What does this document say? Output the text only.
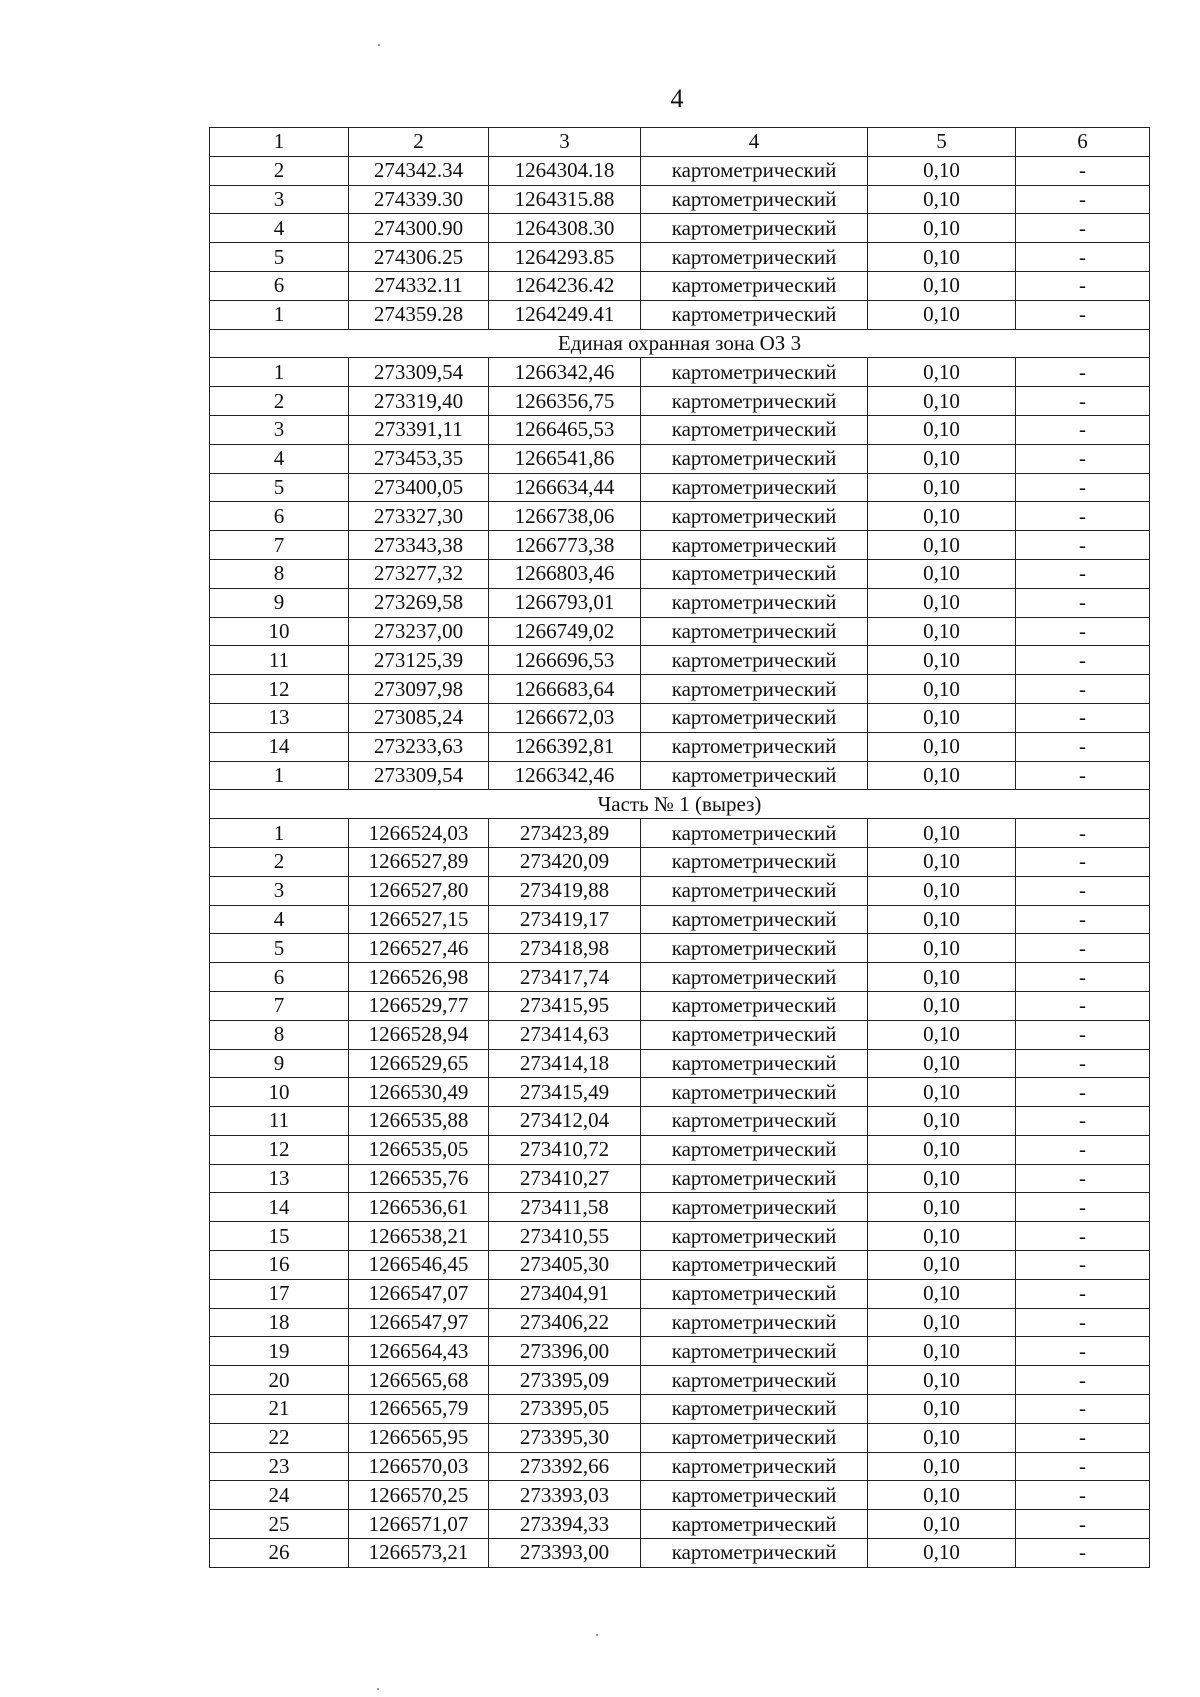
4
1	2	3	4	5	6
2	274342.34	1264304.18	картометрический	0,10	-
3	274339.30	1264315.88	картометрический	0,10	-
4	274300.90	1264308.30	картометрический	0,10	-
5	274306.25	1264293.85	картометрический	0,10	-
6	274332.11	1264236.42	картометрический	0,10	-
1	274359.28	1264249.41	картометрический	0,10	-
Единая охранная зона ОЗ 3					
1	273309,54	1266342,46	картометрический	0,10	-
2	273319,40	1266356,75	картометрический	0,10	-
3	273391,11	1266465,53	картометрический	0,10	-
4	273453,35	1266541,86	картометрический	0,10	-
5	273400,05	1266634,44	картометрический	0,10	-
6	273327,30	1266738,06	картометрический	0,10	-
7	273343,38	1266773,38	картометрический	0,10	-
8	273277,32	1266803,46	картометрический	0,10	-
9	273269,58	1266793,01	картометрический	0,10	-
10	273237,00	1266749,02	картометрический	0,10	-
11	273125,39	1266696,53	картометрический	0,10	-
12	273097,98	1266683,64	картометрический	0,10	-
13	273085,24	1266672,03	картометрический	0,10	-
14	273233,63	1266392,81	картометрический	0,10	-
1	273309,54	1266342,46	картометрический	0,10	-
Часть № 1 (вырез)					
1	1266524,03	273423,89	картометрический	0,10	-
2	1266527,89	273420,09	картометрический	0,10	-
3	1266527,80	273419,88	картометрический	0,10	-
4	1266527,15	273419,17	картометрический	0,10	-
5	1266527,46	273418,98	картометрический	0,10	-
6	1266526,98	273417,74	картометрический	0,10	-
7	1266529,77	273415,95	картометрический	0,10	-
8	1266528,94	273414,63	картометрический	0,10	-
9	1266529,65	273414,18	картометрический	0,10	-
10	1266530,49	273415,49	картометрический	0,10	-
11	1266535,88	273412,04	картометрический	0,10	-
12	1266535,05	273410,72	картометрический	0,10	-
13	1266535,76	273410,27	картометрический	0,10	-
14	1266536,61	273411,58	картометрический	0,10	-
15	1266538,21	273410,55	картометрический	0,10	-
16	1266546,45	273405,30	картометрический	0,10	-
17	1266547,07	273404,91	картометрический	0,10	-
18	1266547,97	273406,22	картометрический	0,10	-
19	1266564,43	273396,00	картометрический	0,10	-
20	1266565,68	273395,09	картометрический	0,10	-
21	1266565,79	273395,05	картометрический	0,10	-
22	1266565,95	273395,30	картометрический	0,10	-
23	1266570,03	273392,66	картометрический	0,10	-
24	1266570,25	273393,03	картометрический	0,10	-
25	1266571,07	273394,33	картометрический	0,10	-
26	1266573,21	273393,00	картометрический	0,10	-
